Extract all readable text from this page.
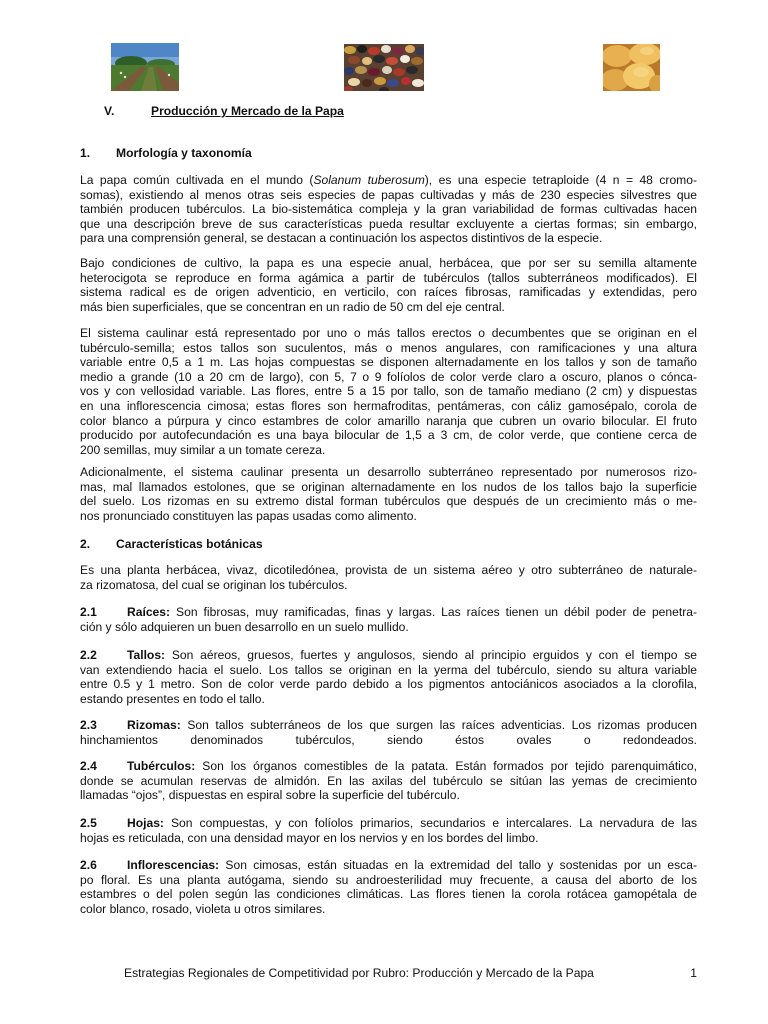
V.	Producción y Mercado de la Papa
1. Morfología y taxonomía
La papa común cultivada en el mundo (Solanum tuberosum), es una especie tetraploide (4 n = 48 cromo-
somas), existiendo al menos otras seis especies de papas cultivadas y más de 230 especies silvestres que
también producen tubérculos. La bio-sistemática compleja y la gran variabilidad de formas cultivadas hacen
que una descripción breve de sus características pueda resultar excluyente a ciertas formas; sin embargo,
para una comprensión general, se destacan a continuación los aspectos distintivos de la especie.
Bajo condiciones de cultivo, la papa es una especie anual, herbácea, que por ser su semilla altamente
heterocigota se reproduce en forma agámica a partir de tubérculos (tallos subterráneos modificados). El
sistema radical es de origen adventicio, en verticilo, con raíces fibrosas, ramificadas y extendidas, pero
más bien superficiales, que se concentran en un radio de 50 cm del eje central.
El sistema caulinar está representado por uno o más tallos erectos o decumbentes que se originan en el
tubérculo-semilla; estos tallos son suculentos, más o menos angulares, con ramificaciones y una altura
variable entre 0,5 a 1 m. Las hojas compuestas se disponen alternadamente en los tallos y son de tamaño
medio a grande (10 a 20 cm de largo), con 5, 7 o 9 folíolos de color verde claro a oscuro, planos o cónca-
vos y con vellosidad variable. Las flores, entre 5 a 15 por tallo, son de tamaño mediano (2 cm) y dispuestas
en una inflorescencia cimosa; estas flores son hermafroditas, pentámeras, con cáliz gamosépalo, corola de
color blanco a púrpura y cinco estambres de color amarillo naranja que cubren un ovario bilocular. El fruto
producido por autofecundación es una baya bilocular de 1,5 a 3 cm, de color verde, que contiene cerca de
200 semillas, muy similar a un tomate cereza.
Adicionalmente, el sistema caulinar presenta un desarrollo subterráneo representado por numerosos rizo-
mas, mal llamados estolones, que se originan alternadamente en los nudos de los tallos bajo la superficie
del suelo. Los rizomas en su extremo distal forman tubérculos que después de un crecimiento más o me-
nos pronunciado constituyen las papas usadas como alimento.
2. Características botánicas
Es una planta herbácea, vivaz, dicotiledónea, provista de un sistema aéreo y otro subterráneo de naturale-
za rizomatosa, del cual se originan los tubérculos.
2.1 Raíces: Son fibrosas, muy ramificadas, finas y largas. Las raíces tienen un débil poder de penetra-
ción y sólo adquieren un buen desarrollo en un suelo mullido.
2.2 Tallos: Son aéreos, gruesos, fuertes y angulosos, siendo al principio erguidos y con el tiempo se
van extendiendo hacia el suelo. Los tallos se originan en la yerma del tubérculo, siendo su altura variable
entre 0.5 y 1 metro. Son de color verde pardo debido a los pigmentos antociánicos asociados a la clorofila,
estando presentes en todo el tallo.
2.3 Rizomas: Son tallos subterráneos de los que surgen las raíces adventicias. Los rizomas producen
hinchamientos denominados tubérculos, siendo éstos ovales o redondeados.
2.4 Tubérculos: Son los órganos comestibles de la patata. Están formados por tejido parenquimático,
donde se acumulan reservas de almidón. En las axilas del tubérculo se sitúan las yemas de crecimiento
llamadas “ojos”, dispuestas en espiral sobre la superficie del tubérculo.
2.5 Hojas: Son compuestas, y con folíolos primarios, secundarios e intercalares. La nervadura de las
hojas es reticulada, con una densidad mayor en los nervios y en los bordes del limbo.
2.6 Inflorescencias: Son cimosas, están situadas en la extremidad del tallo y sostenidas por un esca-
po floral. Es una planta autógama, siendo su androesterilidad muy frecuente, a causa del aborto de los
estambres o del polen según las condiciones climáticas. Las flores tienen la corola rotácea gamopétala de
color blanco, rosado, violeta u otros similares.
Estrategias Regionales de Competitividad por Rubro: Producción y Mercado de la Papa	1
